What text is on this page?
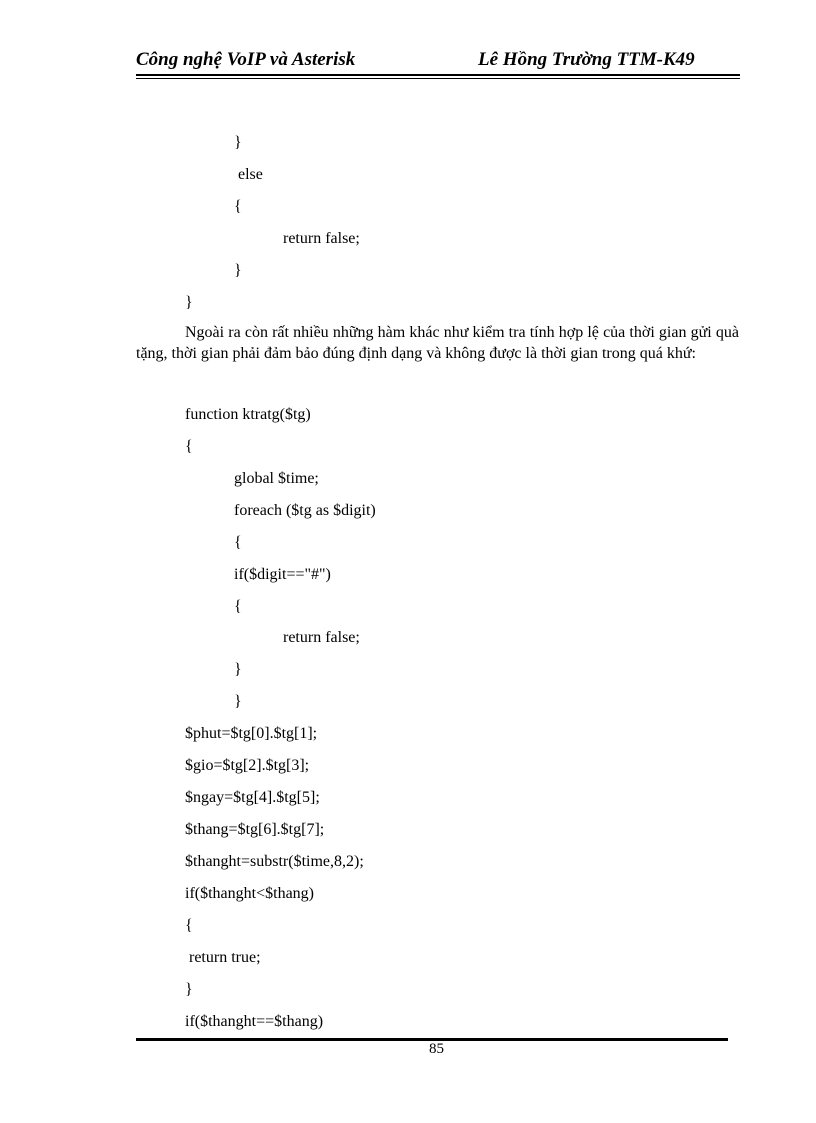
Công nghệ VoIP và Asterisk	Lê Hồng Trường TTM-K49
}
else
{
return false;
}
}
Ngoài ra còn rất nhiều những hàm khác như kiểm tra tính hợp lệ của thời gian gửi quà tặng, thời gian phải đảm bảo đúng định dạng và không được là thời gian trong quá khứ:
function ktratg($tg)
{
global $time;
foreach ($tg as $digit)
{
if($digit=="#")
{
return false;
}
}
$phut=$tg[0].$tg[1];
$gio=$tg[2].$tg[3];
$ngay=$tg[4].$tg[5];
$thang=$tg[6].$tg[7];
$thanght=substr($time,8,2);
if($thanght<$thang)
{
return true;
}
if($thanght==$thang)
85
